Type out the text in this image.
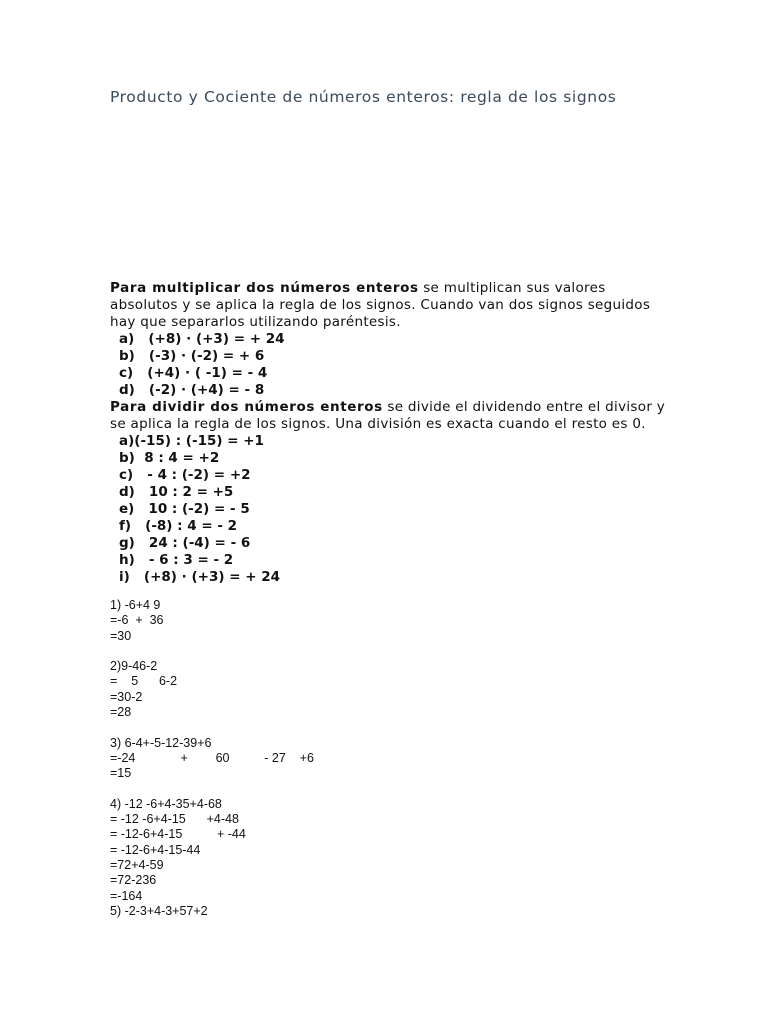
Producto y Cociente de números enteros: regla de los signos

Para multiplicar dos números enteros se multiplican sus valores absolutos y se aplica la regla de los signos. Cuando van dos signos seguidos hay que separarlos utilizando paréntesis.

a)   (+8) · (+3) = + 24
b)   (-3) · (-2) = + 6
c)   (+4) · ( -1) = - 4
d)   (-2) · (+4) = - 8

Para dividir dos números enteros se divide el dividendo entre el divisor y se aplica la regla de los signos. Una división es exacta cuando el resto es 0.

a)(-15) : (-15) = +1
b)  8 : 4 = +2
c)   - 4 : (-2) = +2
d)   10 : 2 = +5
e)   10 : (-2) = - 5
f)   (-8) : 4 = - 2
g)   24 : (-4) = - 6
h)   - 6 : 3 = - 2
i)   (+8) · (+3) = + 24
1) -6+4 9
=-6  +  36
=30
2)9-46-2
=    5      6-2
=30-2
=28
3) 6-4+-5-12-39+6
=-24             +        60          - 27    +6
=15
4) -12 -6+4-35+4-68
= -12 -6+4-15      +4-48
= -12-6+4-15          + -44
= -12-6+4-15-44
=72+4-59
=72-236
=-164
5) -2-3+4-3+57+2
